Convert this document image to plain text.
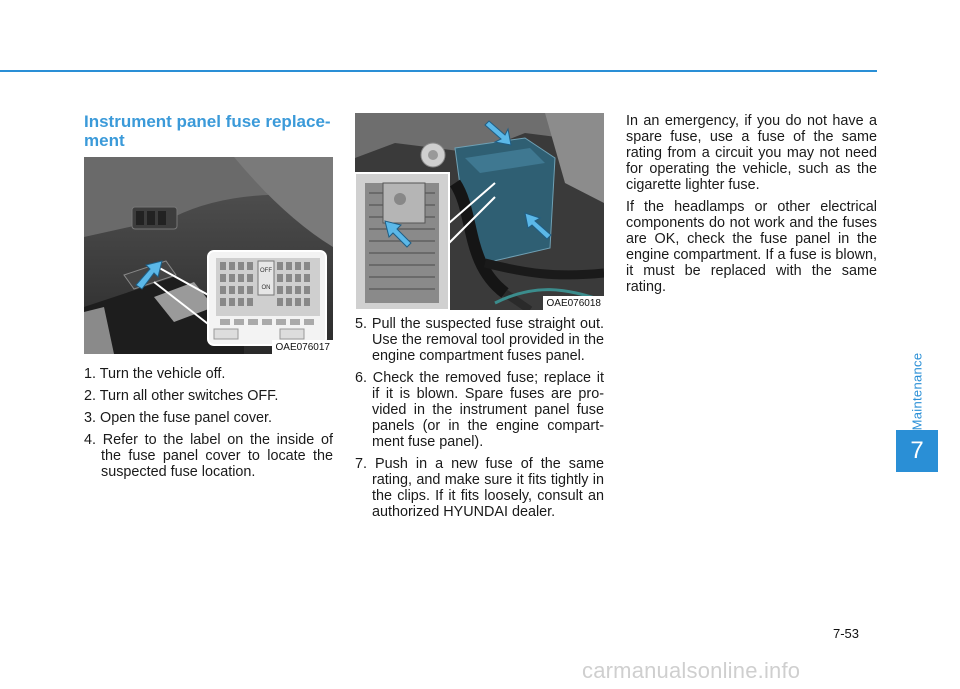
Instrument panel fuse replace-
ment
OFF
ON
OAE076017
1. Turn the vehicle off.
2. Turn all other switches OFF.
3. Open the fuse panel cover.
4. Refer to the label on the inside of the fuse panel cover to locate the suspected fuse location.
OAE076018
5. Pull the suspected fuse straight out. Use the removal tool provided in the engine compartment fuses panel.
6. Check the removed fuse; replace it if it is blown. Spare fuses are pro-vided in the instrument panel fuse panels (or in the engine compart-ment fuse panel).
7. Push in a new fuse of the same rating, and make sure it fits tightly in the clips. If it fits loosely, consult an authorized HYUNDAI dealer.

In an emergency, if you do not have a spare fuse, use a fuse of the same rating from a circuit you may not need for operating the vehicle, such as the cigarette lighter fuse.

If the headlamps or other electrical components do not work and the fuses are OK, check the fuse panel in the engine compartment. If a fuse is blown, it must be replaced with the same rating.

Maintenance
7
7-53
carmanualsonline.info
